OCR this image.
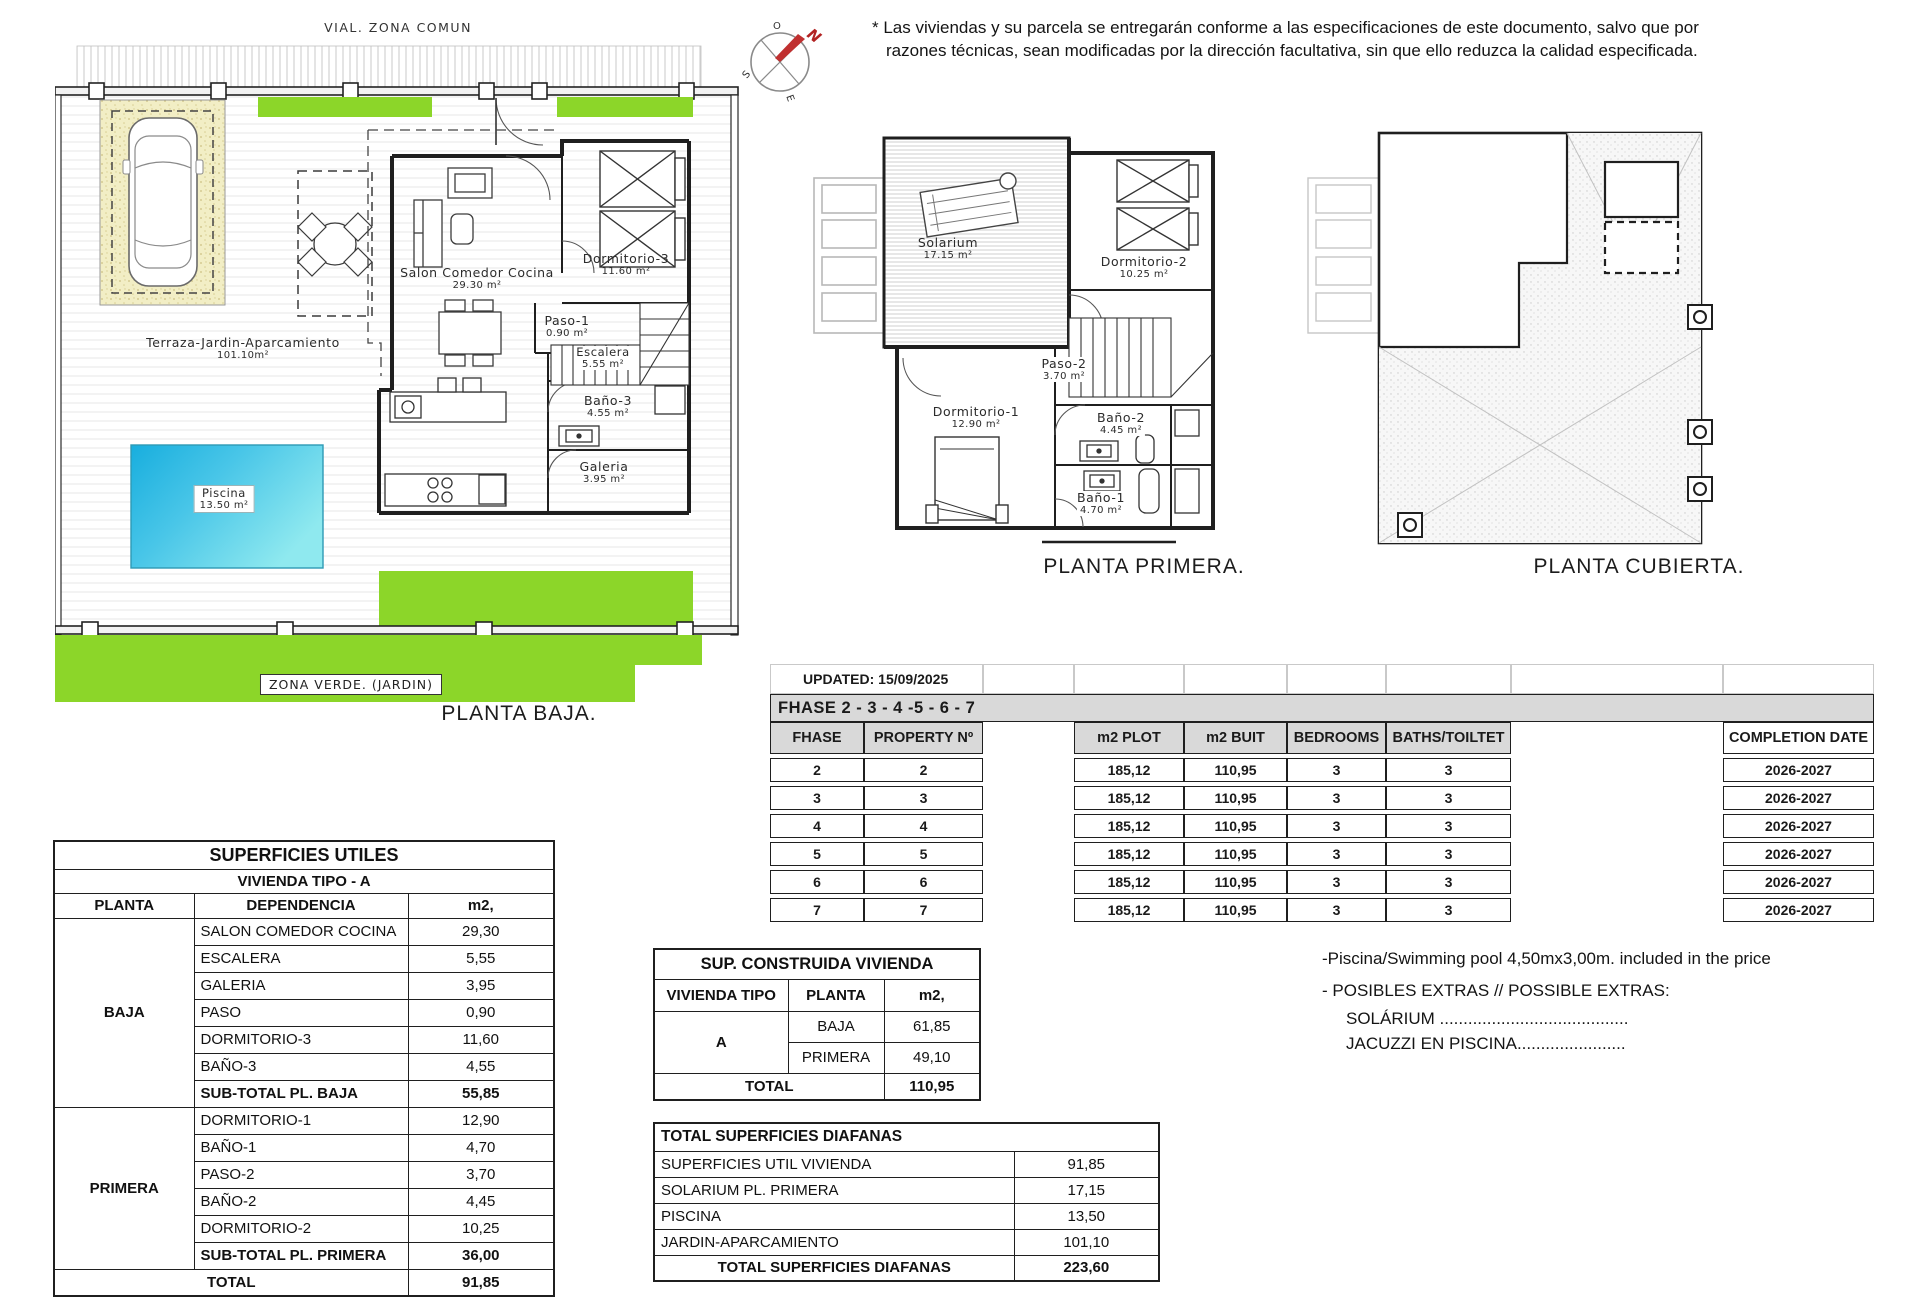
* Las viviendas y su parcela se entregarán conforme a las especificaciones de este documento, salvo que por
razones técnicas, sean modificadas por la dirección facultativa, sin que ello reduzca la calidad especificada.
O N
S
E
VIAL. ZONA COMUN
Terraza-Jardin-Aparcamiento
101.10m²
Salon Comedor Cocina
29.30 m²
Dormitorio-3
11.60 m²
Paso-1
0.90 m²
Escalera
5.55 m²
Baño-3
4.55 m²
Galeria
3.95 m²
Piscina
13.50 m²
ZONA VERDE. (JARDIN)
PLANTA BAJA.
Solarium
17.15 m²	Dormitorio-2
10.25 m²
Paso-2
3.70 m²
Dormitorio-1
12.90 m²	Baño-2
4.45 m²
Baño-1
4.70 m²
PLANTA PRIMERA.	PLANTA CUBIERTA.
UPDATED: 15/09/2025
FHASE 2 - 3 - 4 -5 - 6 - 7
FHASE	PROPERTY Nº	m2 PLOT	m2 BUIT	BEDROOMS BATHS/TOILTET	COMPLETION DATE
2	2	185,12	110,95	3	3	2026-2027
3	3	185,12	110,95	3	3	2026-2027
4	4	185,12	110,95	3	3	2026-2027
5	5	185,12	110,95	3	3	2026-2027
6	6	185,12	110,95	3	3	2026-2027
7	7	185,12	110,95	3	3	2026-2027
SUPERFICIES UTILES		
VIVIENDA TIPO - A		
PLANTA	DEPENDENCIA	m2,
BAJA	SALON COMEDOR COCINA	29,30
	ESCALERA	5,55
	GALERIA	3,95
	PASO	0,90
	DORMITORIO-3	11,60
	BAÑO-3	4,55
	SUB-TOTAL PL. BAJA	55,85
PRIMERA	DORMITORIO-1	12,90
	BAÑO-1	4,70
	PASO-2	3,70
	BAÑO-2	4,45
	DORMITORIO-2	10,25
	SUB-TOTAL PL. PRIMERA	36,00
TOTAL		91,85
SUP. CONSTRUIDA VIVIENDA		
VIVIENDA TIPO	PLANTA	m2,
A	BAJA	61,85
	PRIMERA	49,10
TOTAL		110,95
TOTAL SUPERFICIES DIAFANAS	
SUPERFICIES UTIL VIVIENDA	91,85
SOLARIUM PL. PRIMERA	17,15
PISCINA	13,50
JARDIN-APARCAMIENTO	101,10
TOTAL SUPERFICIES DIAFANAS	223,60
-Piscina/Swimming pool 4,50mx3,00m. included in the price
- POSIBLES EXTRAS // POSSIBLE EXTRAS:
SOLÁRIUM ........................................
JACUZZI EN PISCINA.......................
